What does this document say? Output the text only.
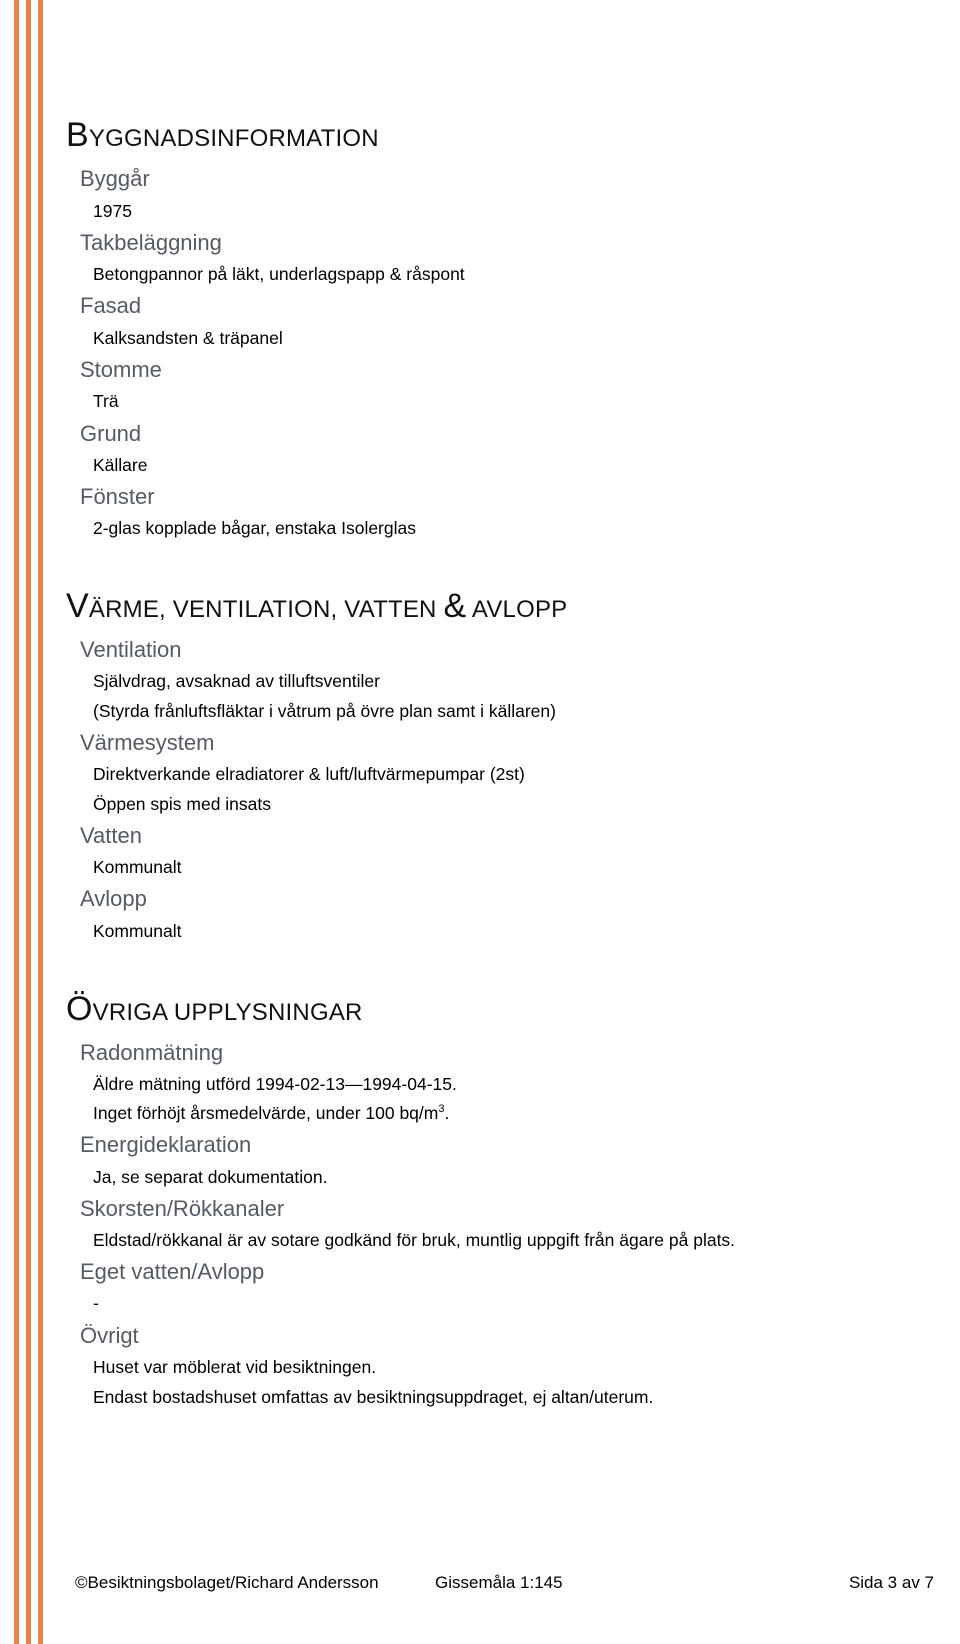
BYGGNADSINFORMATION
Byggår
1975
Takbeläggning
Betongpannor på läkt, underlagspapp & råspont
Fasad
Kalksandsten & träpanel
Stomme
Trä
Grund
Källare
Fönster
2-glas kopplade bågar, enstaka Isolerglas
VÄRME, VENTILATION, VATTEN & AVLOPP
Ventilation
Självdrag, avsaknad av tilluftsventiler
(Styrda frånluftsfläktar i våtrum på övre plan samt i källaren)
Värmesystem
Direktverkande elradiatorer & luft/luftvärmepumpar (2st)
Öppen spis med insats
Vatten
Kommunalt
Avlopp
Kommunalt
ÖVRIGA UPPLYSNINGAR
Radonmätning
Äldre mätning utförd 1994-02-13—1994-04-15.
Inget förhöjt årsmedelvärde, under 100 $bq/m^3$.
Energideklaration
Ja, se separat dokumentation.
Skorsten/Rökkanaler
Eldstad/rökkanal är av sotare godkänd för bruk, muntlig uppgift från ägare på plats.
Eget vatten/Avlopp
-
Övrigt
Huset var möblerat vid besiktningen.
Endast bostadshuset omfattas av besiktningsuppdraget, ej altan/uterum.
©Besiktningsbolaget/Richard Andersson	Gissemåla 1:145	Sida 3 av 7
